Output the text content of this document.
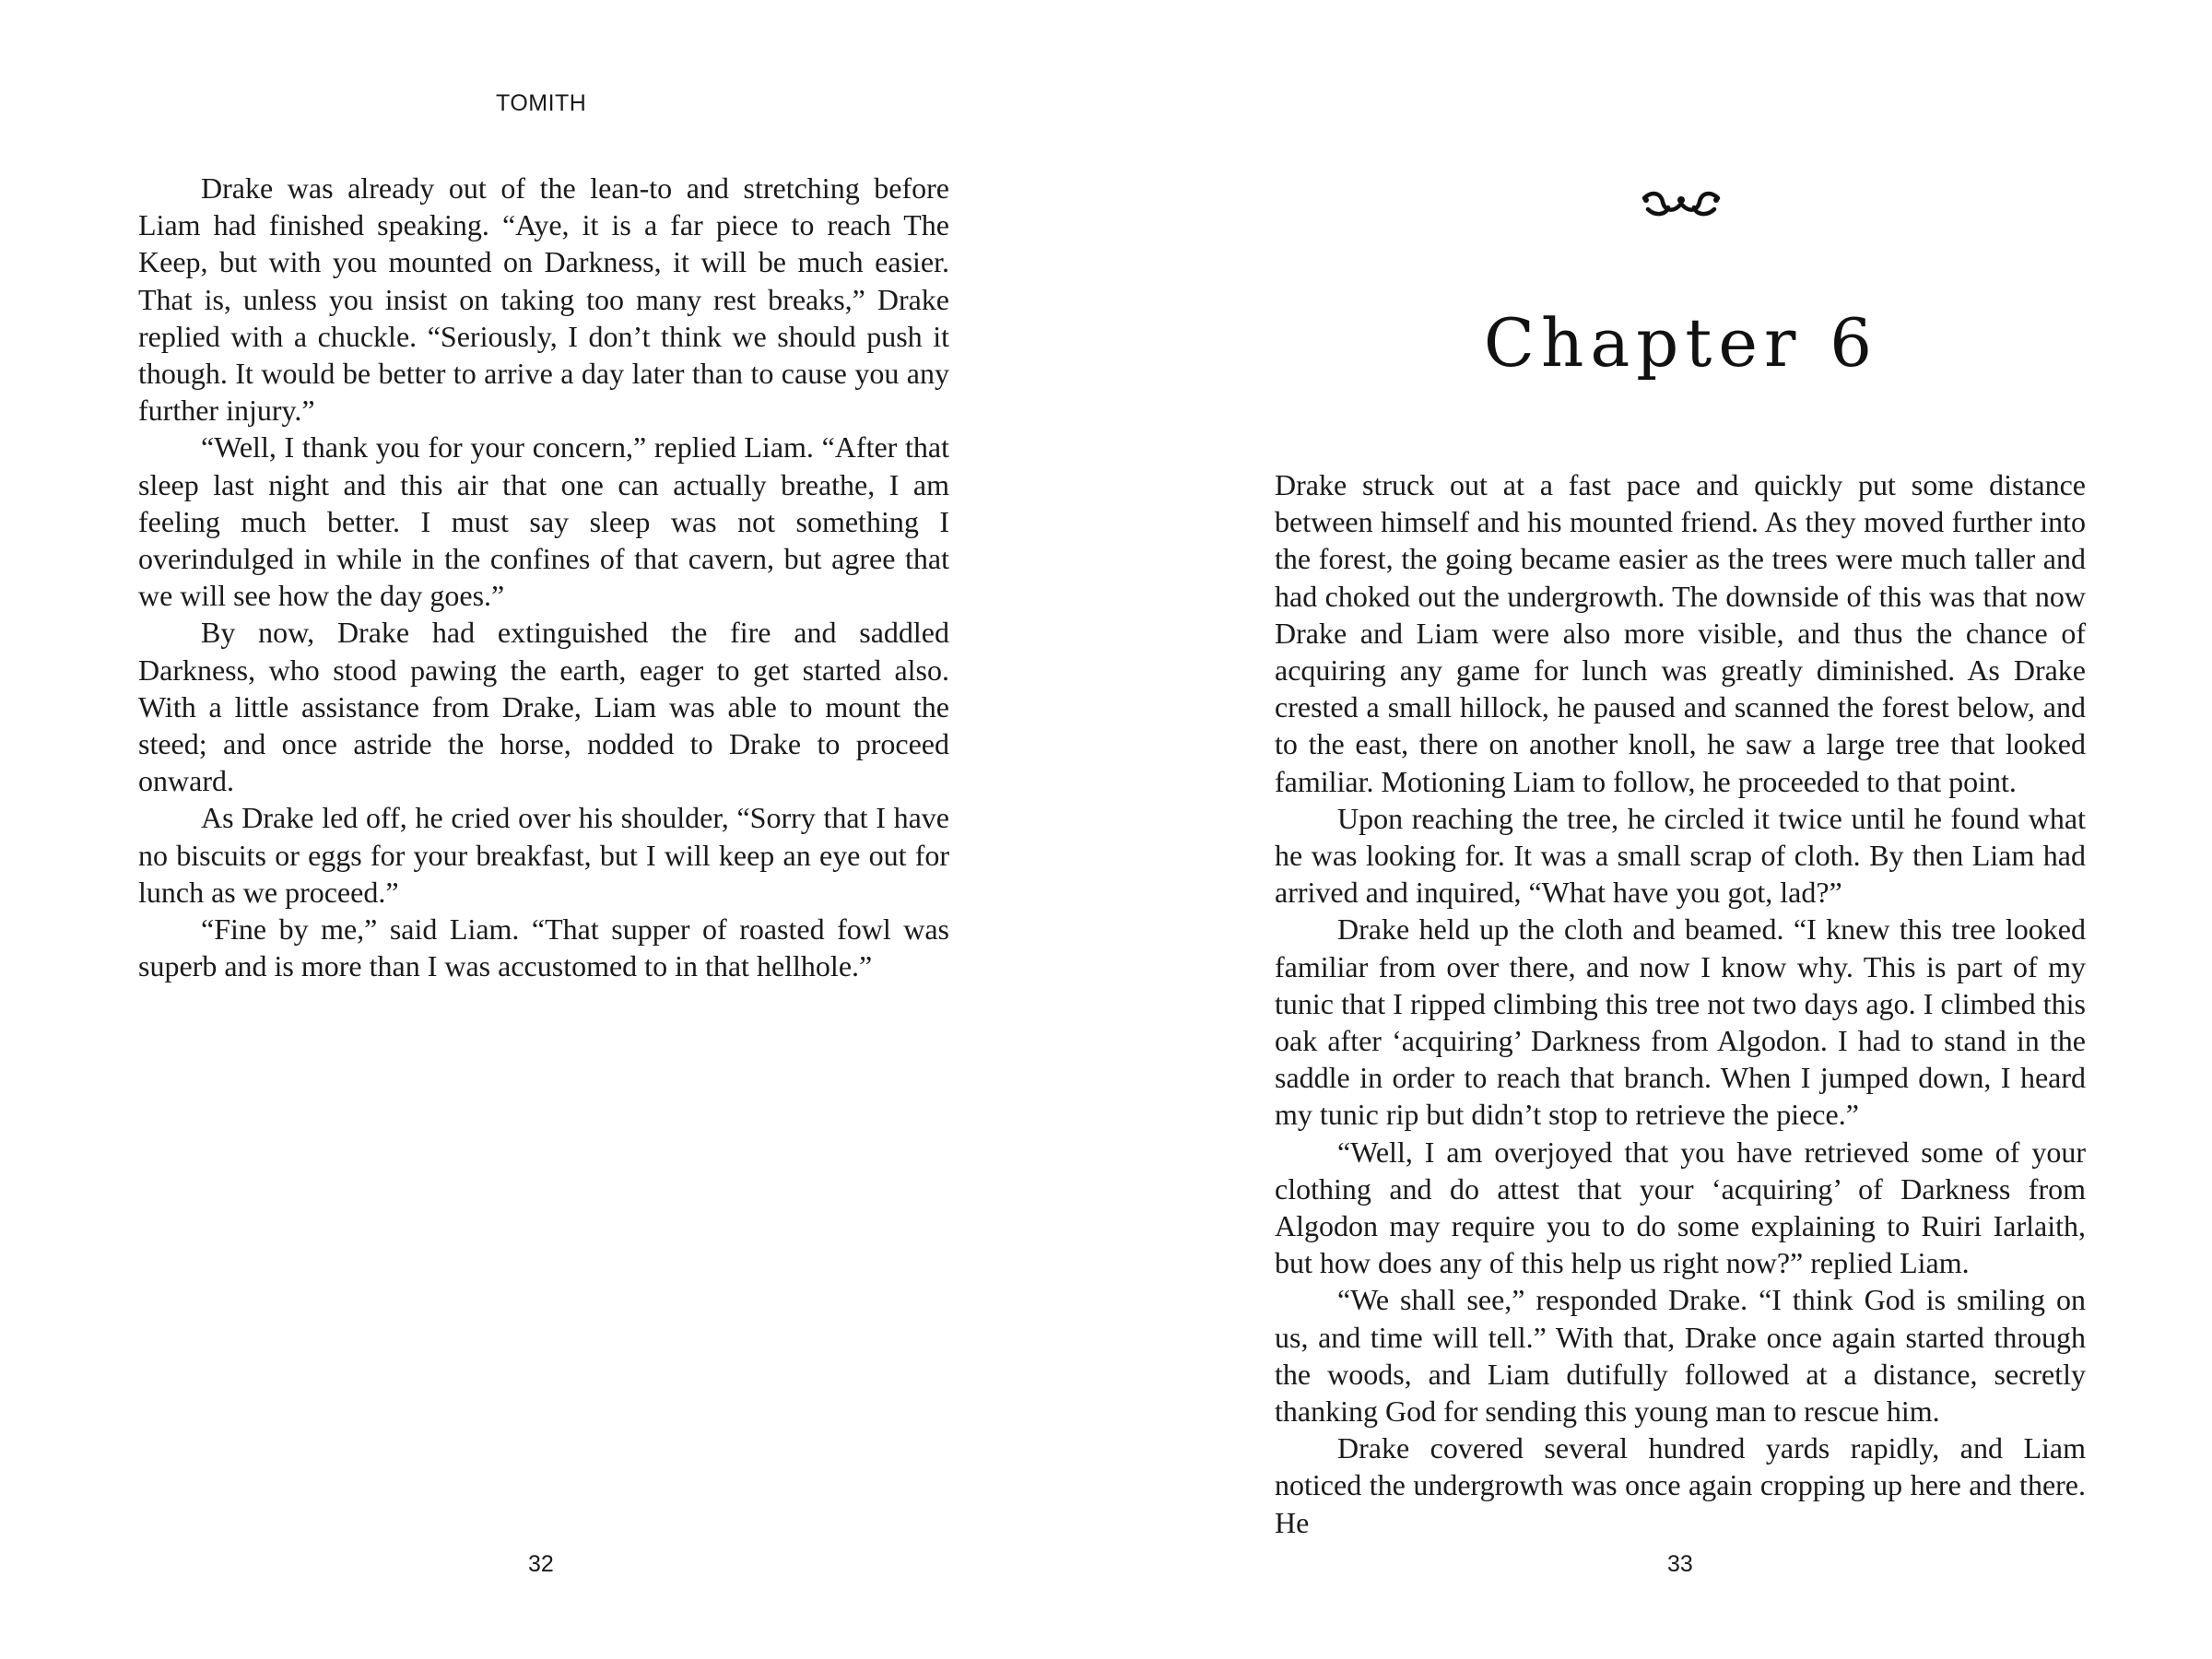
TOMITH

Drake was already out of the lean-to and stretching before Liam had finished speaking. “Aye, it is a far piece to reach The Keep, but with you mounted on Darkness, it will be much easier. That is, unless you insist on taking too many rest breaks,” Drake replied with a chuckle. “Seriously, I don’t think we should push it though. It would be better to arrive a day later than to cause you any further injury.”

“Well, I thank you for your concern,” replied Liam. “After that sleep last night and this air that one can actually breathe, I am feeling much better. I must say sleep was not something I overindulged in while in the confines of that cavern, but agree that we will see how the day goes.”

By now, Drake had extinguished the fire and saddled Darkness, who stood pawing the earth, eager to get started also. With a little assistance from Drake, Liam was able to mount the steed; and once astride the horse, nodded to Drake to proceed onward.

As Drake led off, he cried over his shoulder, “Sorry that I have no biscuits or eggs for your breakfast, but I will keep an eye out for lunch as we proceed.”

“Fine by me,” said Liam. “That supper of roasted fowl was superb and is more than I was accustomed to in that hellhole.”

32
Chapter 6

Drake struck out at a fast pace and quickly put some distance between himself and his mounted friend. As they moved further into the forest, the going became easier as the trees were much taller and had choked out the undergrowth. The downside of this was that now Drake and Liam were also more visible, and thus the chance of acquiring any game for lunch was greatly diminished. As Drake crested a small hillock, he paused and scanned the forest below, and to the east, there on another knoll, he saw a large tree that looked familiar. Motioning Liam to follow, he proceeded to that point.

Upon reaching the tree, he circled it twice until he found what he was looking for. It was a small scrap of cloth. By then Liam had arrived and inquired, “What have you got, lad?”

Drake held up the cloth and beamed. “I knew this tree looked familiar from over there, and now I know why. This is part of my tunic that I ripped climbing this tree not two days ago. I climbed this oak after ‘acquiring’ Darkness from Algodon. I had to stand in the saddle in order to reach that branch. When I jumped down, I heard my tunic rip but didn’t stop to retrieve the piece.”

“Well, I am overjoyed that you have retrieved some of your clothing and do attest that your ‘acquiring’ of Darkness from Algodon may require you to do some explaining to Ruiri Iarlaith, but how does any of this help us right now?” replied Liam.

“We shall see,” responded Drake. “I think God is smiling on us, and time will tell.” With that, Drake once again started through the woods, and Liam dutifully followed at a distance, secretly thanking God for sending this young man to rescue him.

Drake covered several hundred yards rapidly, and Liam noticed the undergrowth was once again cropping up here and there. He

33
